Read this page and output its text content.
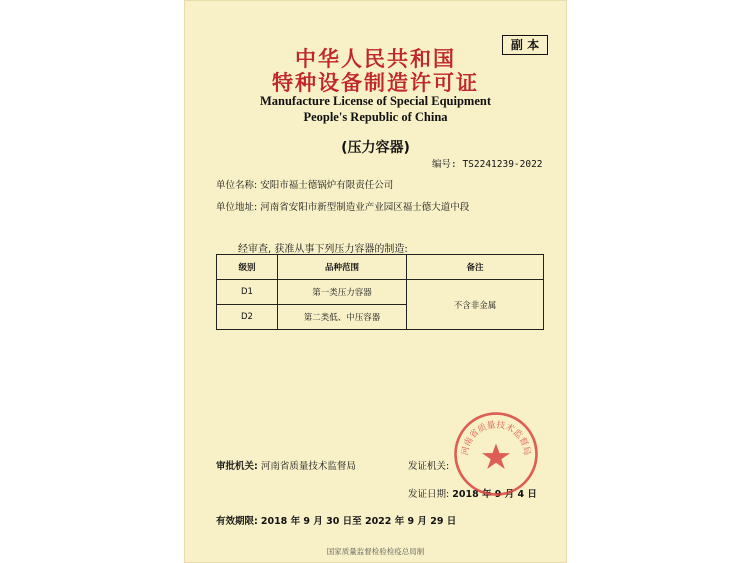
中华人民共和国
特种设备制造许可证
Manufacture License of Special Equipment
People's Republic of China
副 本
(压力容器)
编号: TS2241239-2022
单位名称: 安阳市福士德锅炉有限责任公司
单位地址: 河南省安阳市新型制造业产业园区福士德大道中段
经审查, 获准从事下列压力容器的制造:
级别	品种范围	备注
D1	第一类压力容器	不含非金属
D2	第二类低、中压容器	
审批机关: 河南省质量技术监督局	发证机关:
发证日期: 2018 年 9 月 4 日
河南省质量技术监督局
有效期限: 2018 年 9 月 30 日至 2022 年 9 月 29 日
国家质量监督检验检疫总局制
